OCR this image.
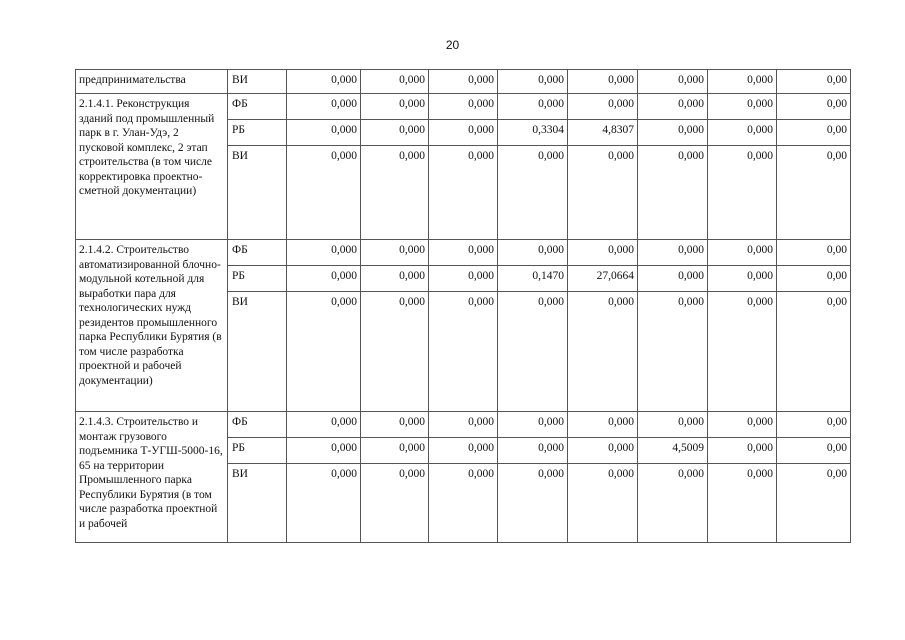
20
предпринимательства	ВИ	0,000	0,000	0,000	0,000	0,000	0,000	0,000	0,00
2.1.4.1. Реконструкция зданий под промышленный парк в г. Улан-Удэ, 2 пусковой комплекс, 2 этап строительства (в том числе корректировка проектно-сметной документации)	ФБ	0,000	0,000	0,000	0,000	0,000	0,000	0,000	0,00
	РБ	0,000	0,000	0,000	0,3304	4,8307	0,000	0,000	0,00
	ВИ	0,000	0,000	0,000	0,000	0,000	0,000	0,000	0,00
2.1.4.2. Строительство автоматизированной блочно-модульной котельной для выработки пара для технологических нужд резидентов промышленного парка Республики Бурятия (в том числе разработка проектной и рабочей документации)	ФБ	0,000	0,000	0,000	0,000	0,000	0,000	0,000	0,00
	РБ	0,000	0,000	0,000	0,1470	27,0664	0,000	0,000	0,00
	ВИ	0,000	0,000	0,000	0,000	0,000	0,000	0,000	0,00
2.1.4.3. Строительство и монтаж грузового подъемника Т-УГШ-5000-16, 65 на территории Промышленного парка Республики Бурятия (в том числе разработка проектной и рабочей	ФБ	0,000	0,000	0,000	0,000	0,000	0,000	0,000	0,00
	РБ	0,000	0,000	0,000	0,000	0,000	4,5009	0,000	0,00
	ВИ	0,000	0,000	0,000	0,000	0,000	0,000	0,000	0,00
